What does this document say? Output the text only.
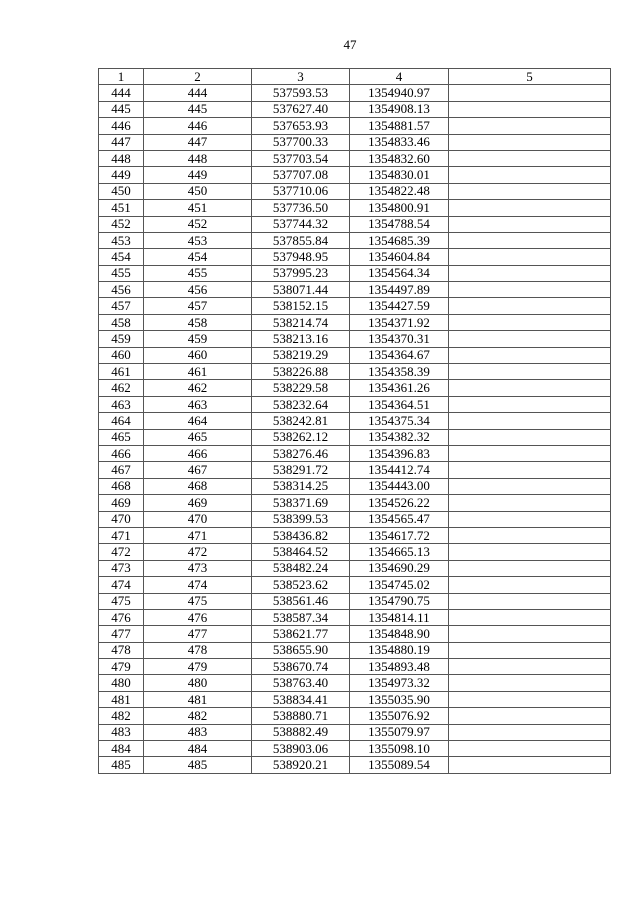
47
1	2	3	4	5
444	444	537593.53	1354940.97	
445	445	537627.40	1354908.13	
446	446	537653.93	1354881.57	
447	447	537700.33	1354833.46	
448	448	537703.54	1354832.60	
449	449	537707.08	1354830.01	
450	450	537710.06	1354822.48	
451	451	537736.50	1354800.91	
452	452	537744.32	1354788.54	
453	453	537855.84	1354685.39	
454	454	537948.95	1354604.84	
455	455	537995.23	1354564.34	
456	456	538071.44	1354497.89	
457	457	538152.15	1354427.59	
458	458	538214.74	1354371.92	
459	459	538213.16	1354370.31	
460	460	538219.29	1354364.67	
461	461	538226.88	1354358.39	
462	462	538229.58	1354361.26	
463	463	538232.64	1354364.51	
464	464	538242.81	1354375.34	
465	465	538262.12	1354382.32	
466	466	538276.46	1354396.83	
467	467	538291.72	1354412.74	
468	468	538314.25	1354443.00	
469	469	538371.69	1354526.22	
470	470	538399.53	1354565.47	
471	471	538436.82	1354617.72	
472	472	538464.52	1354665.13	
473	473	538482.24	1354690.29	
474	474	538523.62	1354745.02	
475	475	538561.46	1354790.75	
476	476	538587.34	1354814.11	
477	477	538621.77	1354848.90	
478	478	538655.90	1354880.19	
479	479	538670.74	1354893.48	
480	480	538763.40	1354973.32	
481	481	538834.41	1355035.90	
482	482	538880.71	1355076.92	
483	483	538882.49	1355079.97	
484	484	538903.06	1355098.10	
485	485	538920.21	1355089.54	
